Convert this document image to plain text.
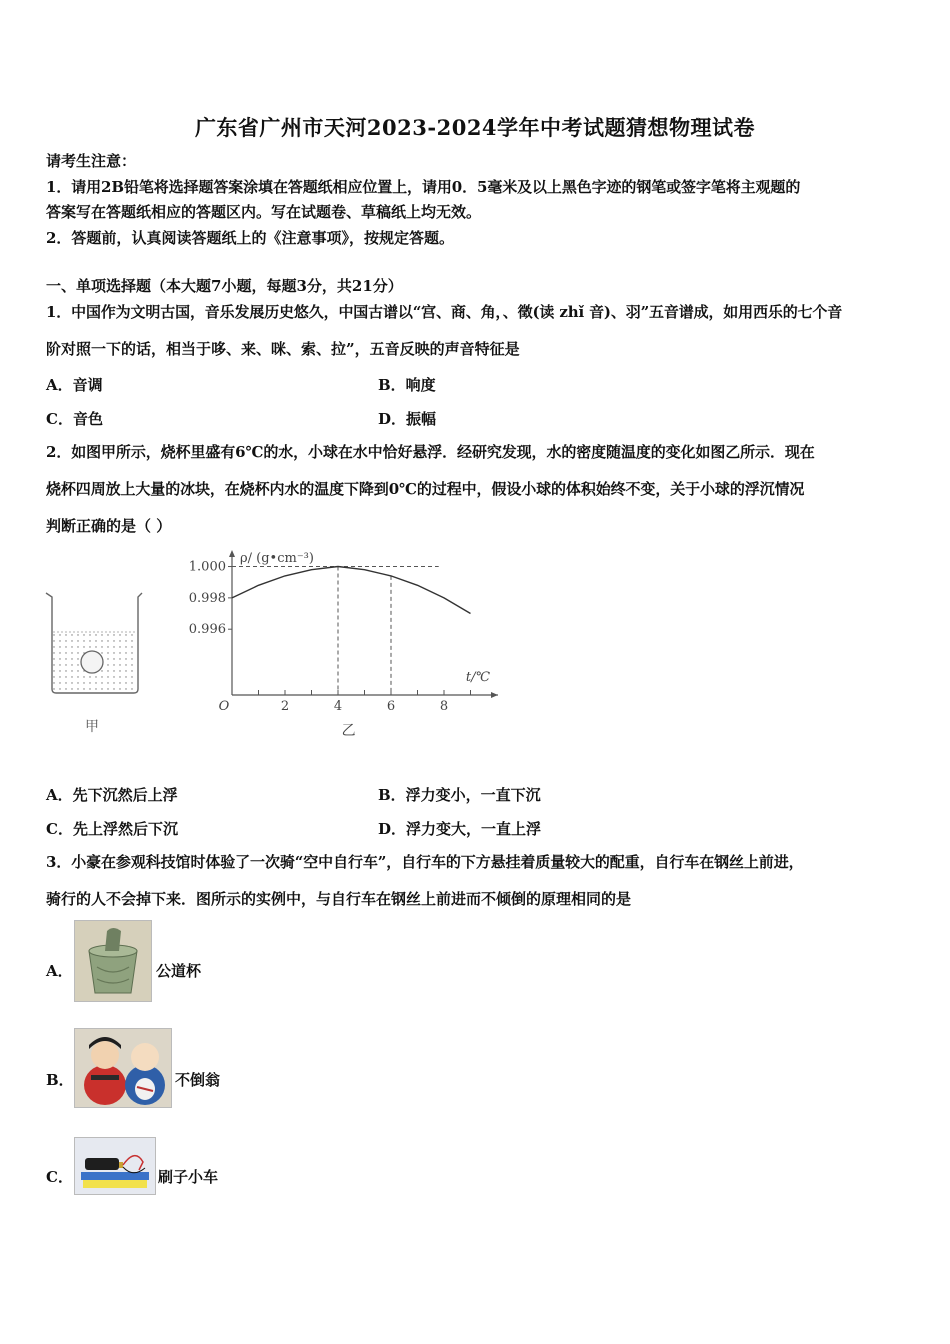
广东省广州市天河2023-2024学年中考试题猜想物理试卷
请考生注意：
1．请用2B铅笔将选择题答案涂填在答题纸相应位置上，请用0．5毫米及以上黑色字迹的钢笔或签字笔将主观题的
答案写在答题纸相应的答题区内。写在试题卷、草稿纸上均无效。
2．答题前，认真阅读答题纸上的《注意事项》，按规定答题。
一、单项选择题（本大题7小题，每题3分，共21分）
1．中国作为文明古国，音乐发展历史悠久，中国古谱以“宫、商、角，、徵(读 zhǐ 音)、羽”五音谱成，如用西乐的七个音
阶对照一下的话，相当于哆、来、咪、索、拉”，五音反映的声音特征是
A．音调	B．响度
C．音色	D．振幅
2．如图甲所示，烧杯里盛有6℃的水，小球在水中恰好悬浮．经研究发现，水的密度随温度的变化如图乙所示．现在
烧杯四周放上大量的冰块，在烧杯内水的温度下降到0℃的过程中，假设小球的体积始终不变，关于小球的浮沉情况
判断正确的是（ ）
甲
2	4	6	8
O
t/℃
ρ/ (g•cm⁻³)
1.000
0.998
0.996
乙
A．先下沉然后上浮	B．浮力变小，一直下沉
C．先上浮然后下沉	D．浮力变大，一直上浮
3．小豪在参观科技馆时体验了一次骑“空中自行车”，自行车的下方悬挂着质量较大的配重，自行车在钢丝上前进，
骑行的人不会掉下来．图所示的实例中，与自行车在钢丝上前进而不倾倒的原理相同的是
A．	公道杯
B．	不倒翁
C．	刷子小车
